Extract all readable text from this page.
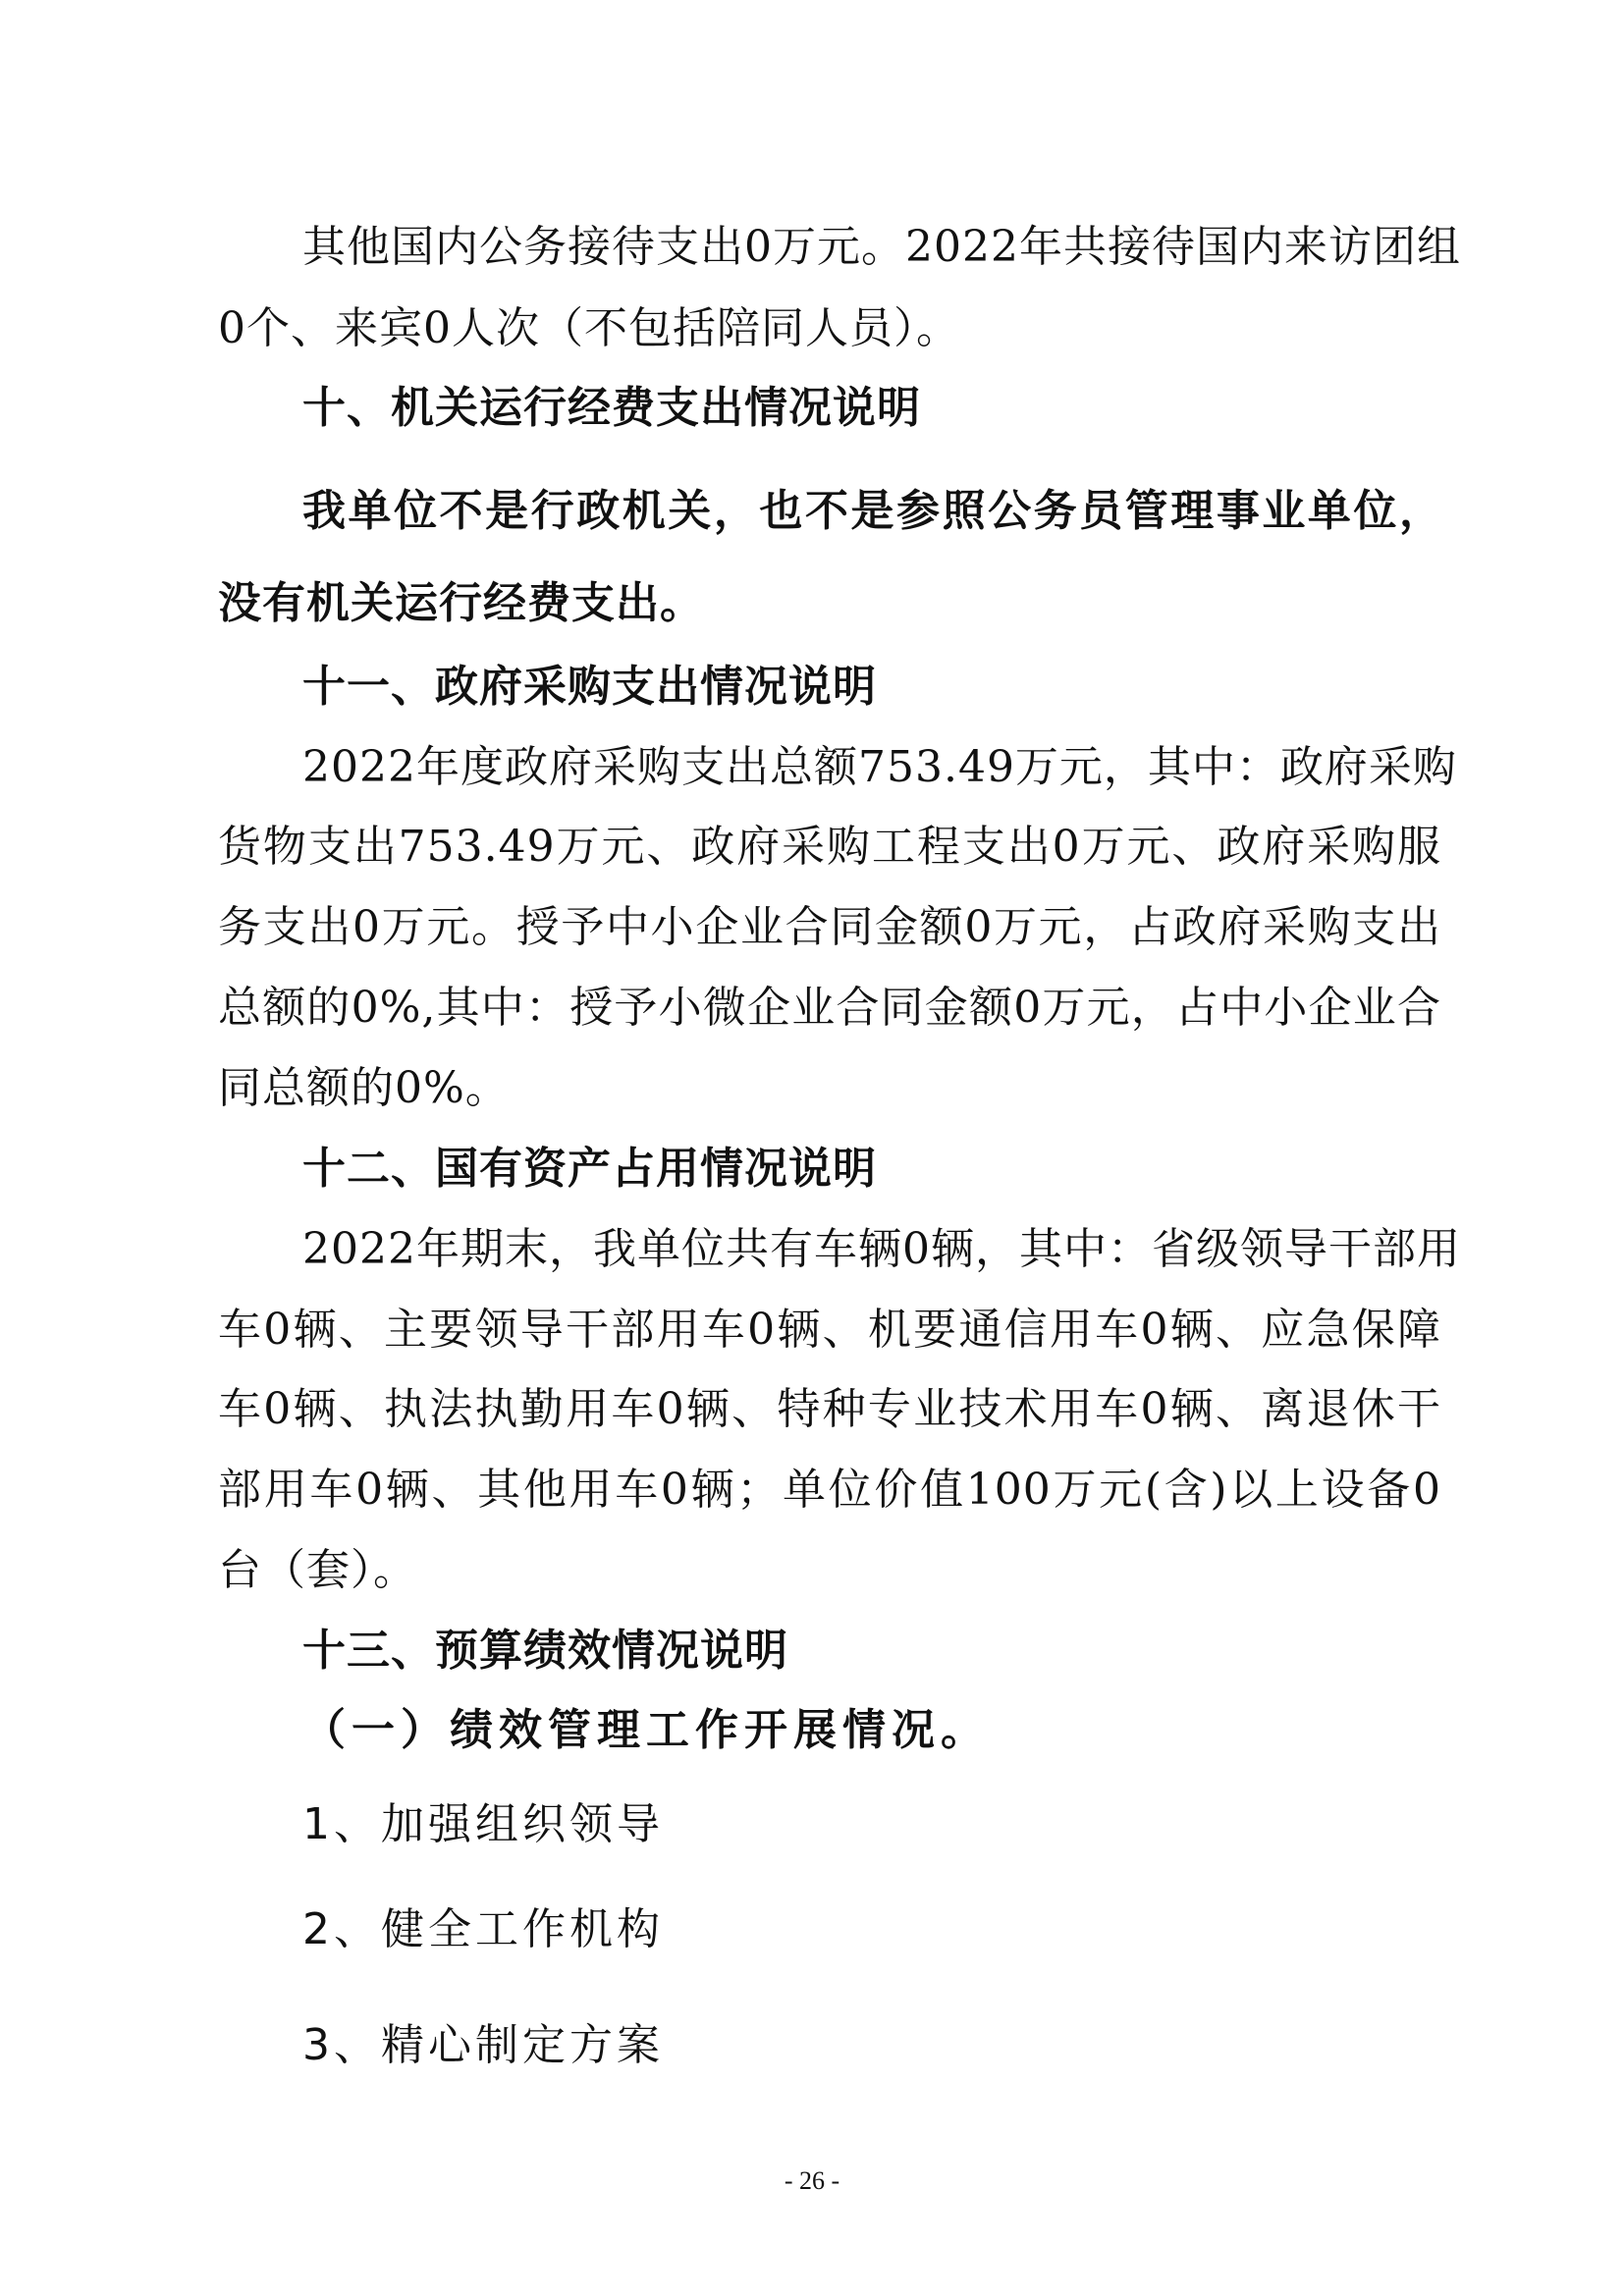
其他国内公务接待支出0万元。2022年共接待国内来访团组
0个、来宾0人次（不包括陪同人员）。
十、机关运行经费支出情况说明
我单位不是行政机关，也不是参照公务员管理事业单位，
没有机关运行经费支出。
十一、政府采购支出情况说明
2022年度政府采购支出总额753.49万元，其中：政府采购
货物支出753.49万元、政府采购工程支出0万元、政府采购服
务支出0万元。授予中小企业合同金额0万元，占政府采购支出
总额的0%,其中：授予小微企业合同金额0万元，占中小企业合
同总额的0%。
十二、国有资产占用情况说明
2022年期末，我单位共有车辆0辆，其中：省级领导干部用
车0辆、主要领导干部用车0辆、机要通信用车0辆、应急保障
车0辆、执法执勤用车0辆、特种专业技术用车0辆、离退休干
部用车0辆、其他用车0辆；单位价值100万元(含)以上设备0
台（套）。
十三、预算绩效情况说明
（一）绩效管理工作开展情况。
1、加强组织领导
2、健全工作机构
3、精心制定方案
- 26 -
